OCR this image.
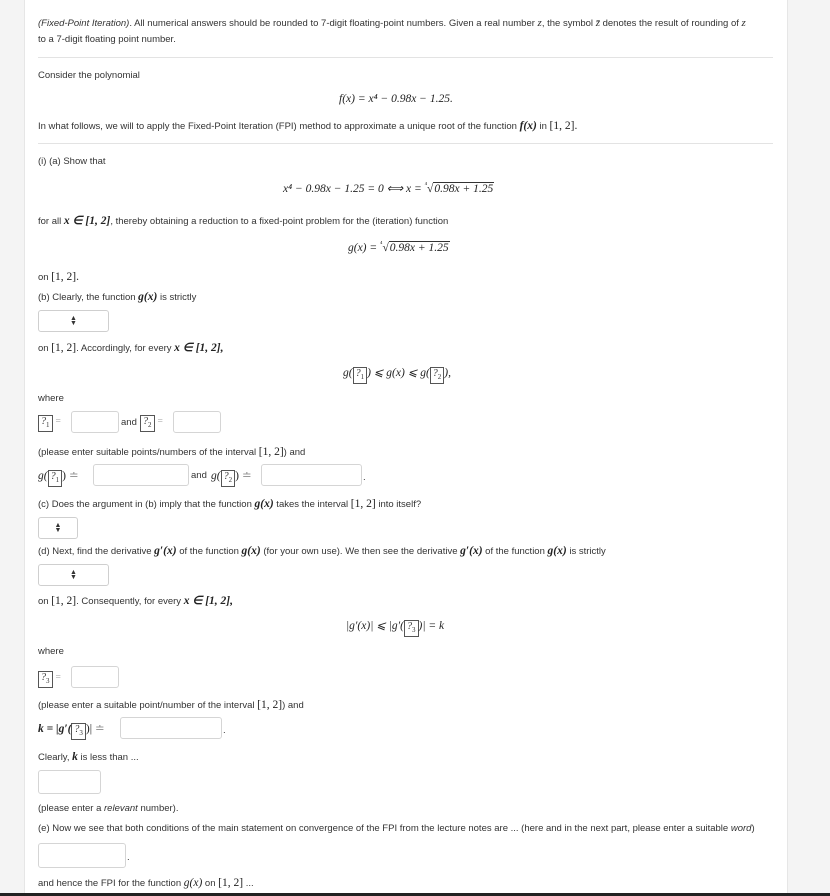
(Fixed-Point Iteration). All numerical answers should be rounded to 7-digit floating-point numbers. Given a real number z, the symbol z̄ denotes the result of rounding of z
to a 7-digit floating point number.
Consider the polynomial
f(x) = x⁴ − 0.98x − 1.25.
In what follows, we will to apply the Fixed-Point Iteration (FPI) method to approximate a unique root of the function f(x) in [1, 2].
(i) (a) Show that
x⁴ − 0.98x − 1.25 = 0 ⟺ x = $^{^4}$√0.98x + 1.25
for all x ∈ [1, 2], thereby obtaining a reduction to a fixed-point problem for the (iteration) function
g(x) = $^{^4}$√0.98x + 1.25
on [1, 2].
(b) Clearly, the function g(x) is strictly
▲
▼
on [1, 2]. Accordingly, for every x ∈ [1, 2],
g( $?_1$ ) ⩽ g(x) ⩽ g( $?_2$ ),
where
$?_1$ =	and $?_2$ =
(please enter suitable points/numbers of the interval [1, 2]) and
g( $?_1$ ) ≐	and g( $?_2$ ) ≐	.
(c) Does the argument in (b) imply that the function g(x) takes the interval [1, 2] into itself?
▲
▼
(d) Next, find the derivative g′(x) of the function g(x) (for your own use). We then see the derivative g′(x) of the function g(x) is strictly
▲
▼
on [1, 2]. Consequently, for every x ∈ [1, 2],
|g′(x)| ⩽ |g′( $?_3$ )| = k
where
$?_3$ =
(please enter a suitable point/number of the interval [1, 2]) and
k = |g′( $?_3$ )| ≐	.
Clearly, k is less than ...
(please enter a relevant number).
(e) Now we see that both conditions of the main statement on convergence of the FPI from the lecture notes are ... (here and in the next part, please enter a suitable word)
.
and hence the FPI for the function g(x) on [1, 2] ...
